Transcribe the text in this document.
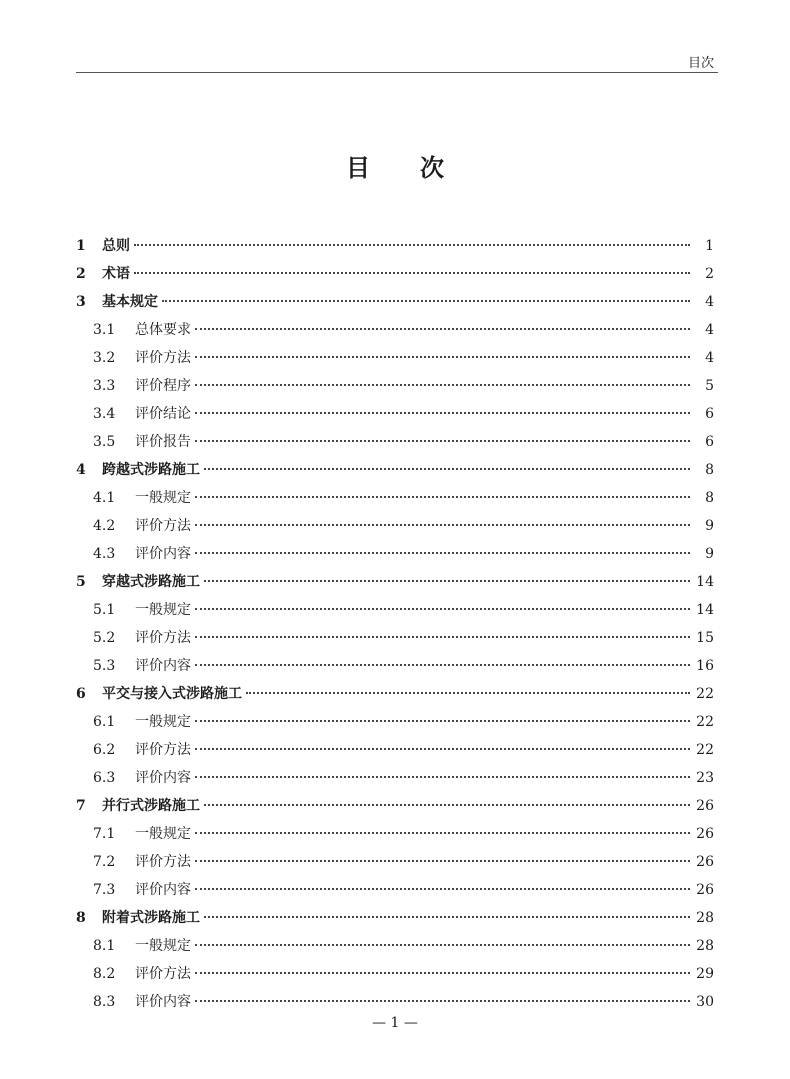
目次
目次
1	总则	1
2	术语	2
3	基本规定	4
3.1	总体要求	4
3.2	评价方法	4
3.3	评价程序	5
3.4	评价结论	6
3.5	评价报告	6
4	跨越式涉路施工	8
4.1	一般规定	8
4.2	评价方法	9
4.3	评价内容	9
5	穿越式涉路施工	14
5.1	一般规定	14
5.2	评价方法	15
5.3	评价内容	16
6	平交与接入式涉路施工	22
6.1	一般规定	22
6.2	评价方法	22
6.3	评价内容	23
7	并行式涉路施工	26
7.1	一般规定	26
7.2	评价方法	26
7.3	评价内容	26
8	附着式涉路施工	28
8.1	一般规定	28
8.2	评价方法	29
8.3	评价内容	30
— 1 —
